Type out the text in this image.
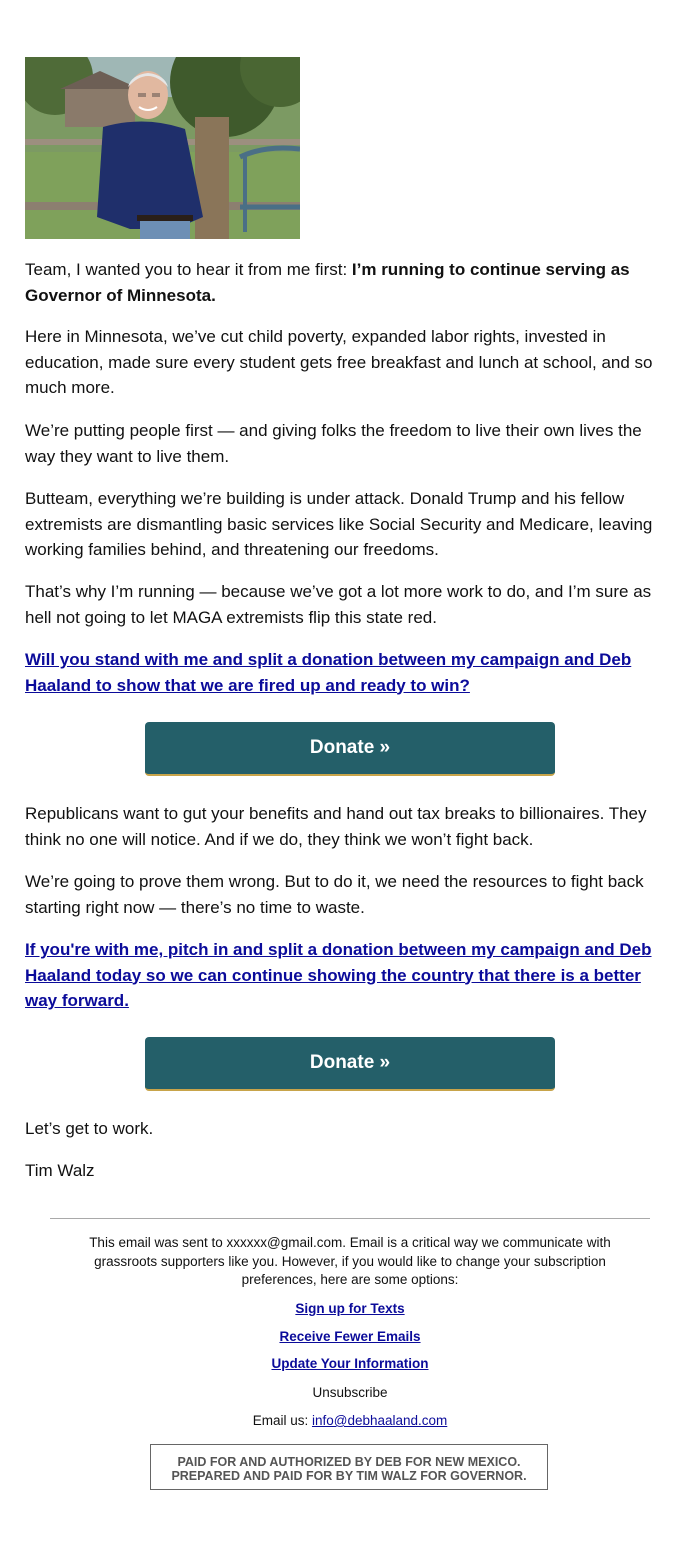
Team, I wanted you to hear it from me first: I’m running to continue serving as Governor of Minnesota.

Here in Minnesota, we’ve cut child poverty, expanded labor rights, invested in education, made sure every student gets free breakfast and lunch at school, and so much more.

We’re putting people first — and giving folks the freedom to live their own lives the way they want to live them.

Butteam, everything we’re building is under attack. Donald Trump and his fellow extremists are dismantling basic services like Social Security and Medicare, leaving working families behind, and threatening our freedoms.

That’s why I’m running — because we’ve got a lot more work to do, and I’m sure as hell not going to let MAGA extremists flip this state red.

Will you stand with me and split a donation between my campaign and Deb Haaland to show that we are fired up and ready to win?

Donate »

Republicans want to gut your benefits and hand out tax breaks to billionaires. They think no one will notice. And if we do, they think we won’t fight back.

We’re going to prove them wrong. But to do it, we need the resources to fight back starting right now — there’s no time to waste.

If you're with me, pitch in and split a donation between my campaign and Deb Haaland today so we can continue showing the country that there is a better way forward.

Donate »

Let’s get to work.

Tim Walz

This email was sent to xxxxxx@gmail.com. Email is a critical way we communicate with grassroots supporters like you. However, if you would like to change your subscription preferences, here are some options:
Sign up for Texts
Receive Fewer Emails
Update Your Information
Unsubscribe
Email us: info@debhaaland.com
PAID FOR AND AUTHORIZED BY DEB FOR NEW MEXICO.
PREPARED AND PAID FOR BY TIM WALZ FOR GOVERNOR.
